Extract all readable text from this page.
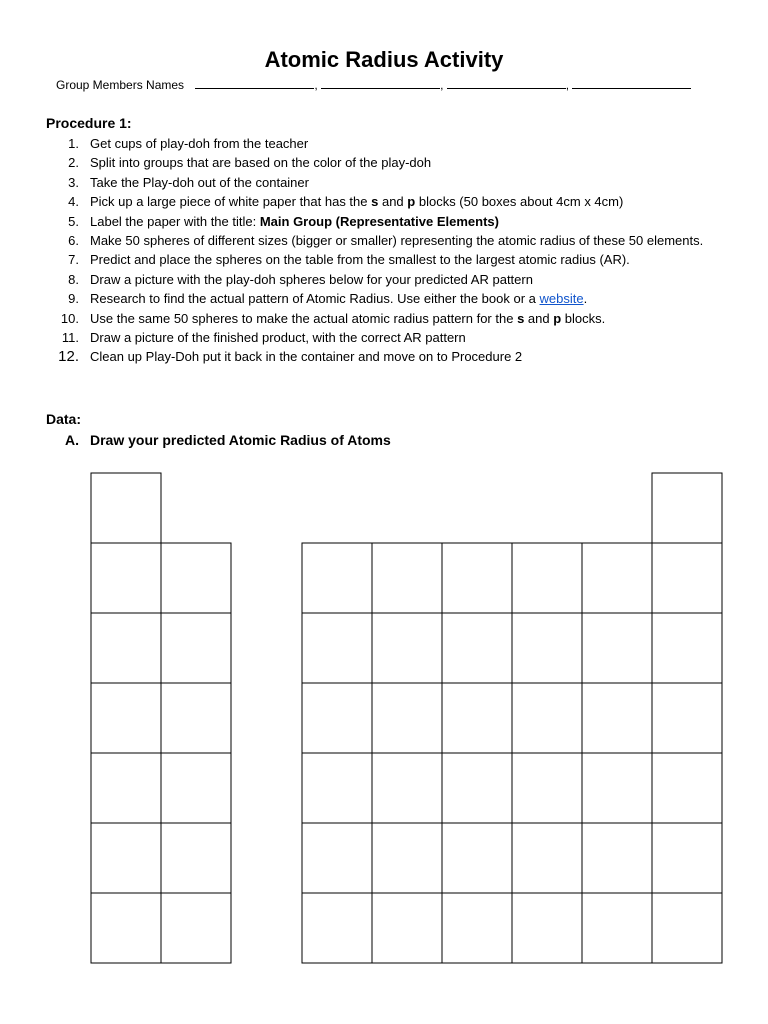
Atomic Radius Activity
Group Members Names	,	,	,
Procedure 1:
1. Get cups of play-doh from the teacher
2. Split into groups that are based on the color of the play-doh
3. Take the Play-doh out of the container
4. Pick up a large piece of white paper that has the s and p blocks (50 boxes about 4cm x 4cm)
5. Label the paper with the title: Main Group (Representative Elements)
6. Make 50 spheres of different sizes (bigger or smaller) representing the atomic radius of these 50 elements.
7. Predict and place the spheres on the table from the smallest to the largest atomic radius (AR).
8. Draw a picture with the play-doh spheres below for your predicted AR pattern
9. Research to find the actual pattern of Atomic Radius. Use either the book or a website.
10. Use the same 50 spheres to make the actual atomic radius pattern for the s and p blocks.
11. Draw a picture of the finished product, with the correct AR pattern
12. Clean up Play-Doh put it back in the container and move on to Procedure 2
Data:
A. Draw your predicted Atomic Radius of Atoms
